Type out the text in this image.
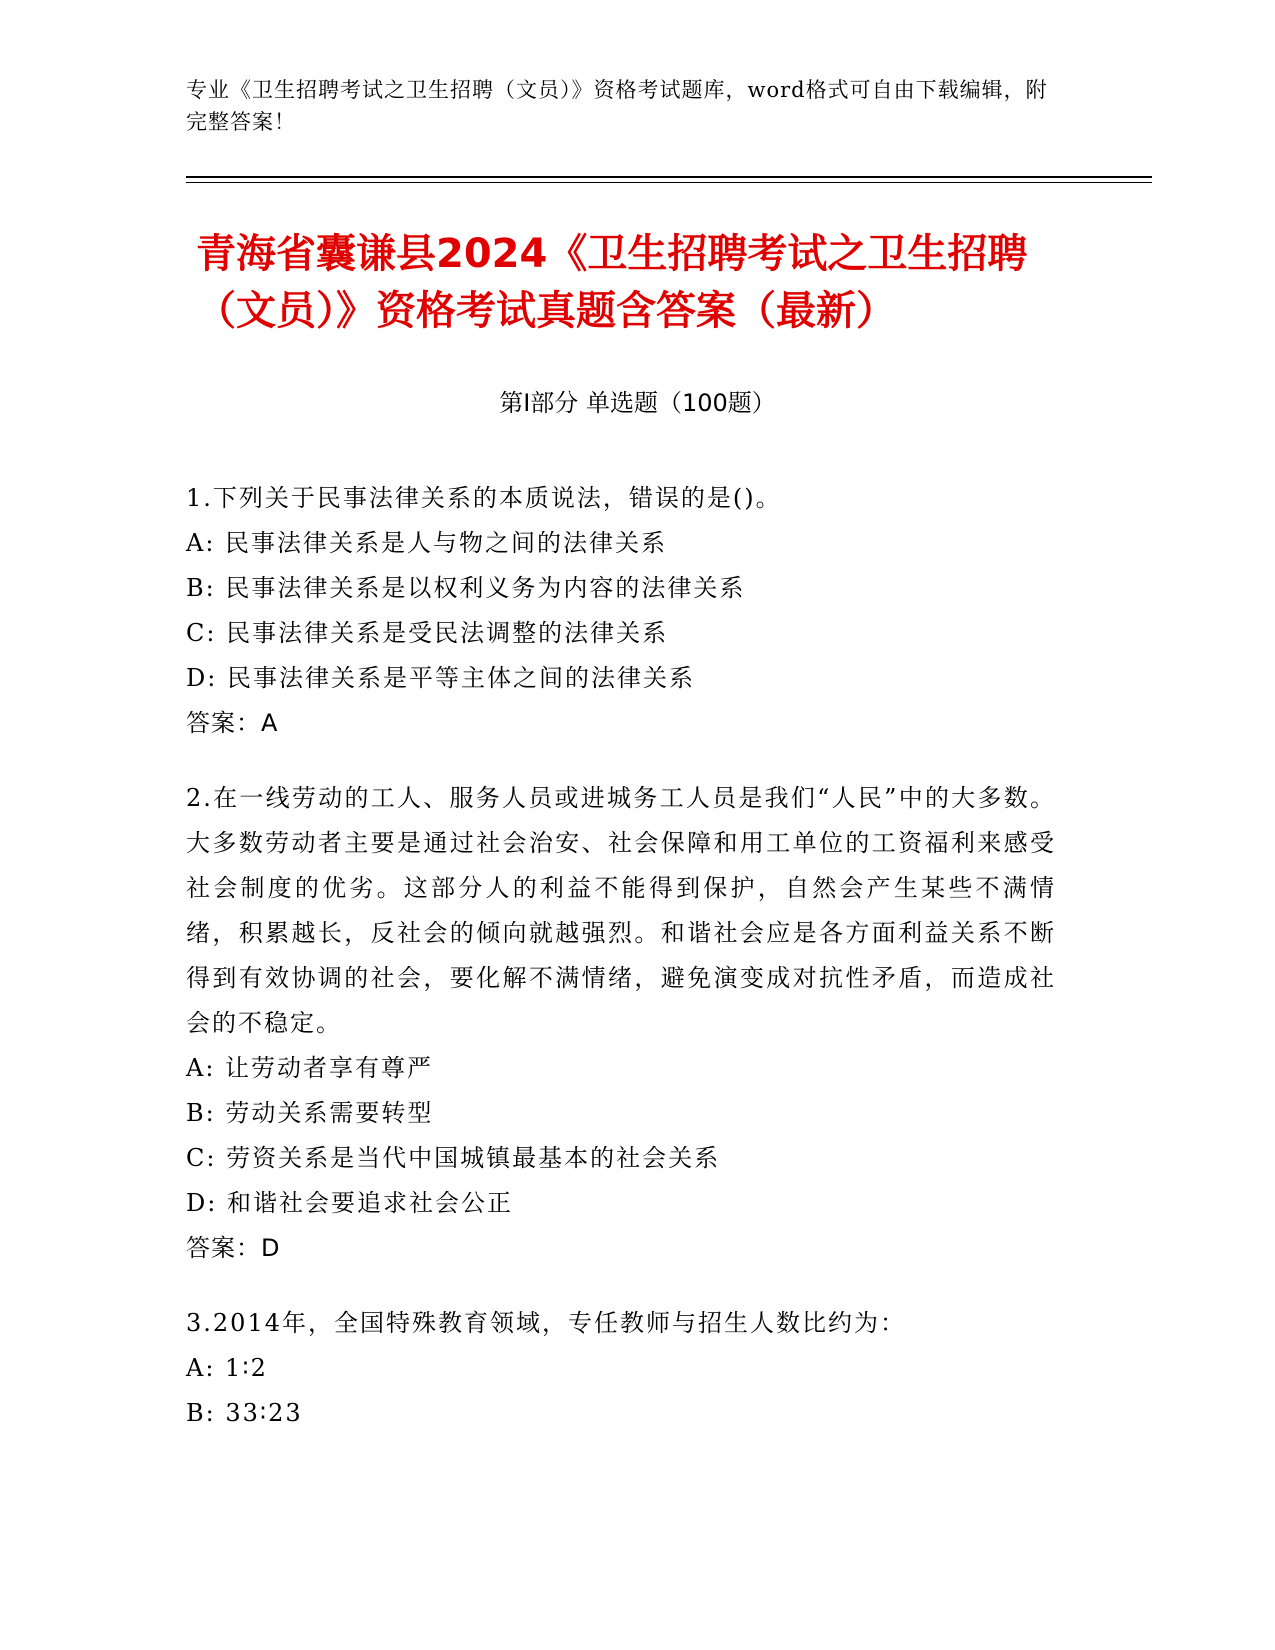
专业《卫生招聘考试之卫生招聘（文员）》资格考试题库，word格式可自由下载编辑，附完整答案！
青海省囊谦县2024《卫生招聘考试之卫生招聘（文员）》资格考试真题含答案（最新）
第Ⅰ部分 单选题（100题）
1.下列关于民事法律关系的本质说法，错误的是()。
A: 民事法律关系是人与物之间的法律关系
B: 民事法律关系是以权利义务为内容的法律关系
C: 民事法律关系是受民法调整的法律关系
D: 民事法律关系是平等主体之间的法律关系
答案：A
2.在一线劳动的工人、服务人员或进城务工人员是我们“人民”中的大多数。大多数劳动者主要是通过社会治安、社会保障和用工单位的工资福利来感受社会制度的优劣。这部分人的利益不能得到保护，自然会产生某些不满情绪，积累越长，反社会的倾向就越强烈。和谐社会应是各方面利益关系不断得到有效协调的社会，要化解不满情绪，避免演变成对抗性矛盾，而造成社会的不稳定。
A: 让劳动者享有尊严
B: 劳动关系需要转型
C: 劳资关系是当代中国城镇最基本的社会关系
D: 和谐社会要追求社会公正
答案：D
3.2014年，全国特殊教育领域，专任教师与招生人数比约为：
A: 1∶2
B: 33∶23
